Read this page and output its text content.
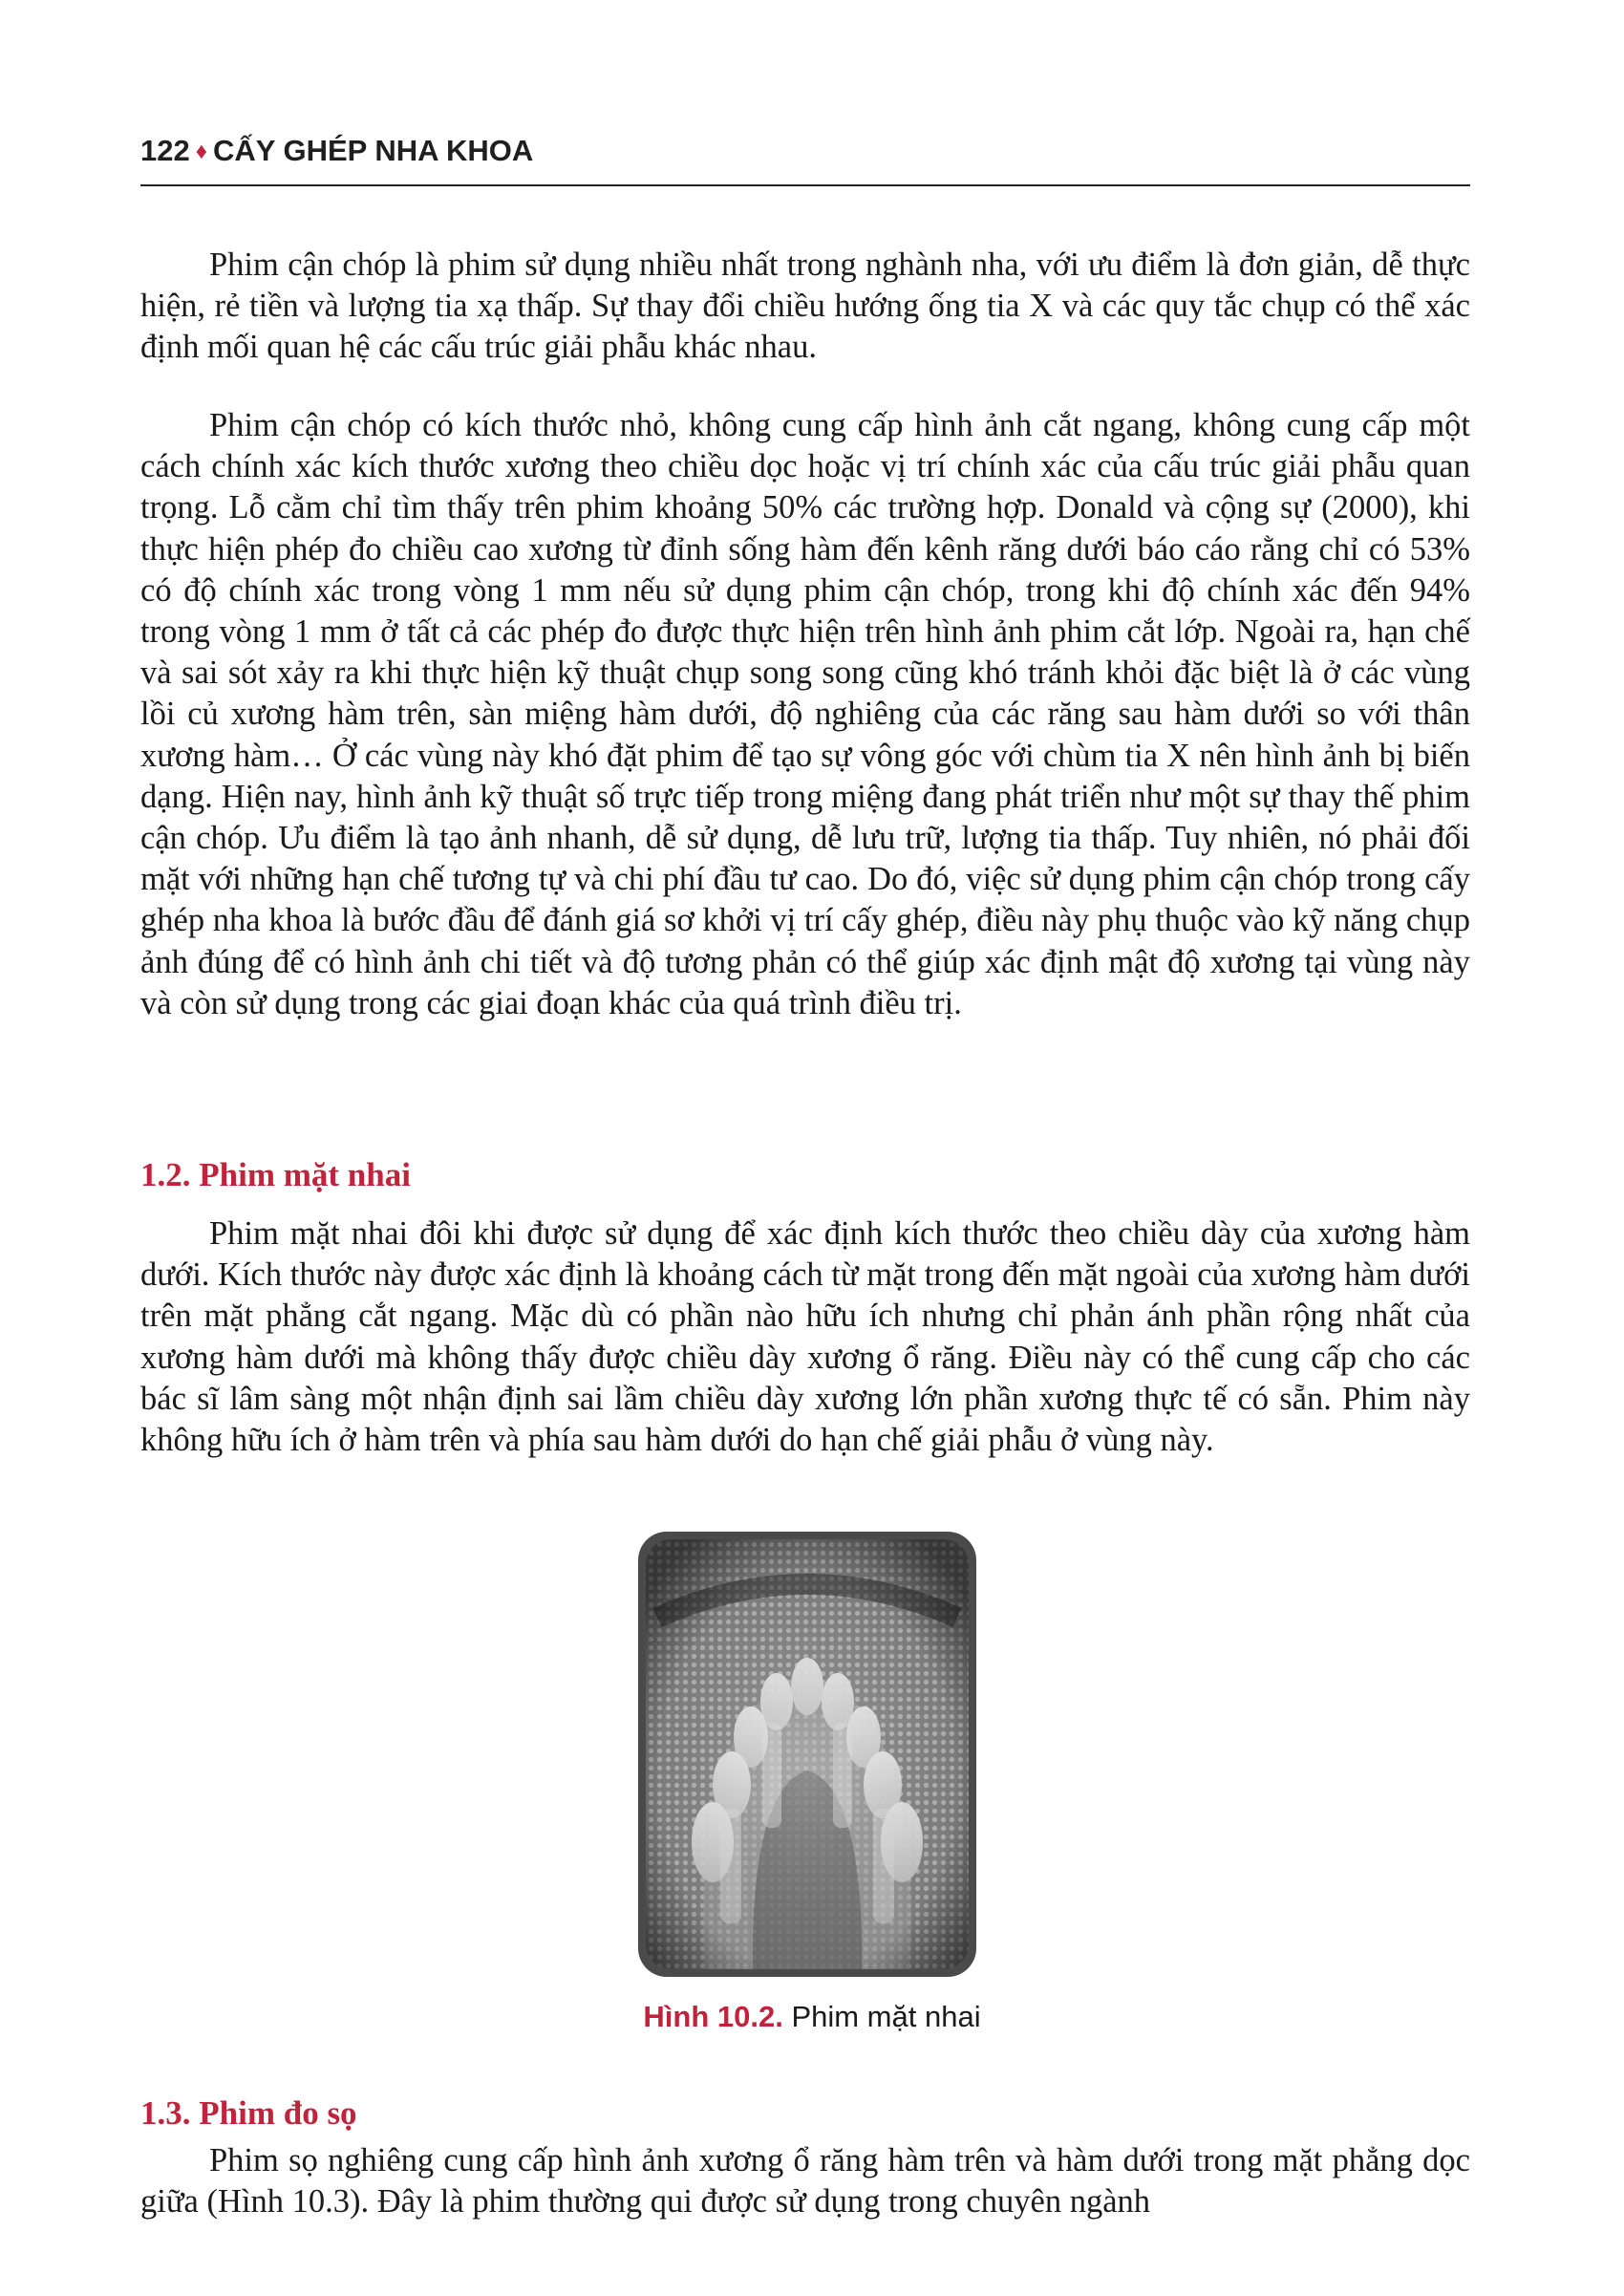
122 ♦ CẤY GHÉP NHA KHOA

Phim cận chóp là phim sử dụng nhiều nhất trong nghành nha, với ưu điểm là đơn giản, dễ thực hiện, rẻ tiền và lượng tia xạ thấp. Sự thay đổi chiều hướng ống tia X và các quy tắc chụp có thể xác định mối quan hệ các cấu trúc giải phẫu khác nhau.

Phim cận chóp có kích thước nhỏ, không cung cấp hình ảnh cắt ngang, không cung cấp một cách chính xác kích thước xương theo chiều dọc hoặc vị trí chính xác của cấu trúc giải phẫu quan trọng. Lỗ cằm chỉ tìm thấy trên phim khoảng 50% các trường hợp. Donald và cộng sự (2000), khi thực hiện phép đo chiều cao xương từ đỉnh sống hàm đến kênh răng dưới báo cáo rằng chỉ có 53% có độ chính xác trong vòng 1 mm nếu sử dụng phim cận chóp, trong khi độ chính xác đến 94% trong vòng 1 mm ở tất cả các phép đo được thực hiện trên hình ảnh phim cắt lớp. Ngoài ra, hạn chế và sai sót xảy ra khi thực hiện kỹ thuật chụp song song cũng khó tránh khỏi đặc biệt là ở các vùng lồi củ xương hàm trên, sàn miệng hàm dưới, độ nghiêng của các răng sau hàm dưới so với thân xương hàm… Ở các vùng này khó đặt phim để tạo sự vông góc với chùm tia X nên hình ảnh bị biến dạng. Hiện nay, hình ảnh kỹ thuật số trực tiếp trong miệng đang phát triển như một sự thay thế phim cận chóp. Ưu điểm là tạo ảnh nhanh, dễ sử dụng, dễ lưu trữ, lượng tia thấp. Tuy nhiên, nó phải đối mặt với những hạn chế tương tự và chi phí đầu tư cao. Do đó, việc sử dụng phim cận chóp trong cấy ghép nha khoa là bước đầu để đánh giá sơ khởi vị trí cấy ghép, điều này phụ thuộc vào kỹ năng chụp ảnh đúng để có hình ảnh chi tiết và độ tương phản có thể giúp xác định mật độ xương tại vùng này và còn sử dụng trong các giai đoạn khác của quá trình điều trị.

1.2. Phim mặt nhai

Phim mặt nhai đôi khi được sử dụng để xác định kích thước theo chiều dày của xương hàm dưới. Kích thước này được xác định là khoảng cách từ mặt trong đến mặt ngoài của xương hàm dưới trên mặt phẳng cắt ngang. Mặc dù có phần nào hữu ích nhưng chỉ phản ánh phần rộng nhất của xương hàm dưới mà không thấy được chiều dày xương ổ răng. Điều này có thể cung cấp cho các bác sĩ lâm sàng một nhận định sai lầm chiều dày xương lớn phần xương thực tế có sẵn. Phim này không hữu ích ở hàm trên và phía sau hàm dưới do hạn chế giải phẫu ở vùng này.

Hình 10.2. Phim mặt nhai
1.3. Phim đo sọ

Phim sọ nghiêng cung cấp hình ảnh xương ổ răng hàm trên và hàm dưới trong mặt phẳng dọc giữa (Hình 10.3). Đây là phim thường qui được sử dụng trong chuyên ngành
